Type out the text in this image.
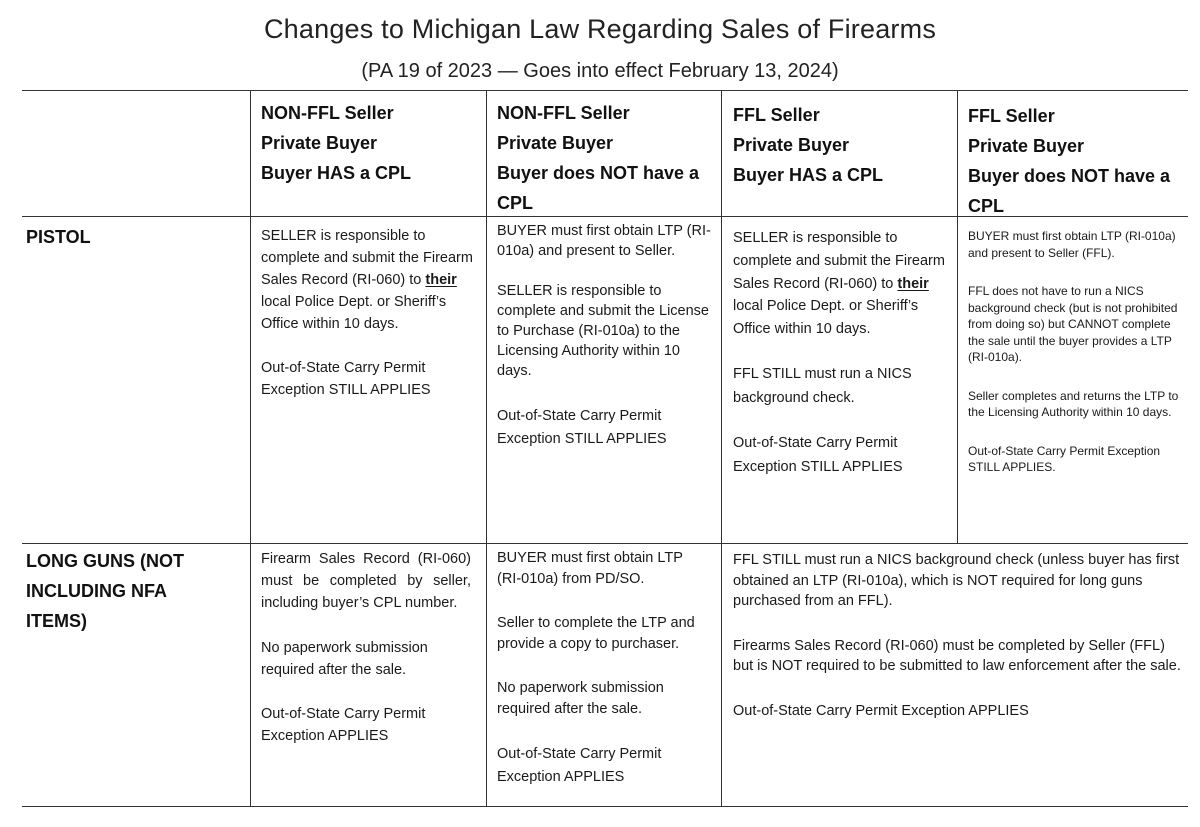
Changes to Michigan Law Regarding Sales of Firearms
(PA 19 of 2023 — Goes into effect February 13, 2024)
NON-FFL Seller
Private Buyer
Buyer HAS a CPL
NON-FFL Seller
Private Buyer
Buyer does NOT have a CPL
FFL Seller
Private Buyer
Buyer HAS a CPL
FFL Seller
Private Buyer
Buyer does NOT have a CPL
PISTOL
LONG GUNS (NOT INCLUDING NFA ITEMS)

SELLER is responsible to complete and submit the Firearm Sales Record (RI-060) to their local Police Dept. or Sheriff’s Office within 10 days.

Out-of-State Carry Permit Exception STILL APPLIES

BUYER must first obtain LTP (RI-010a) and present to Seller.

SELLER is responsible to complete and submit the License to Purchase (RI-010a) to the Licensing Authority within 10 days.

Out-of-State Carry Permit Exception STILL APPLIES

SELLER is responsible to complete and submit the Firearm Sales Record (RI-060) to their local Police Dept. or Sheriff’s Office within 10 days.

FFL STILL must run a NICS background check.

Out-of-State Carry Permit Exception STILL APPLIES

BUYER must first obtain LTP (RI-010a) and present to Seller (FFL).

FFL does not have to run a NICS background check (but is not prohibited from doing so) but CANNOT complete the sale until the buyer provides a LTP (RI-010a).

Seller completes and returns the LTP to the Licensing Authority within 10 days.

Out-of-State Carry Permit Exception STILL APPLIES.

Firearm Sales Record (RI-060) must be completed by seller, including buyer’s CPL number.

No paperwork submission required after the sale.

Out-of-State Carry Permit Exception APPLIES

BUYER must first obtain LTP (RI-010a) from PD/SO.

Seller to complete the LTP and provide a copy to purchaser.

No paperwork submission required after the sale.

Out-of-State Carry Permit Exception APPLIES

FFL STILL must run a NICS background check (unless buyer has first obtained an LTP (RI-010a), which is NOT required for long guns purchased from an FFL).

Firearms Sales Record (RI-060) must be completed by Seller (FFL) but is NOT required to be submitted to law enforcement after the sale.

Out-of-State Carry Permit Exception APPLIES
